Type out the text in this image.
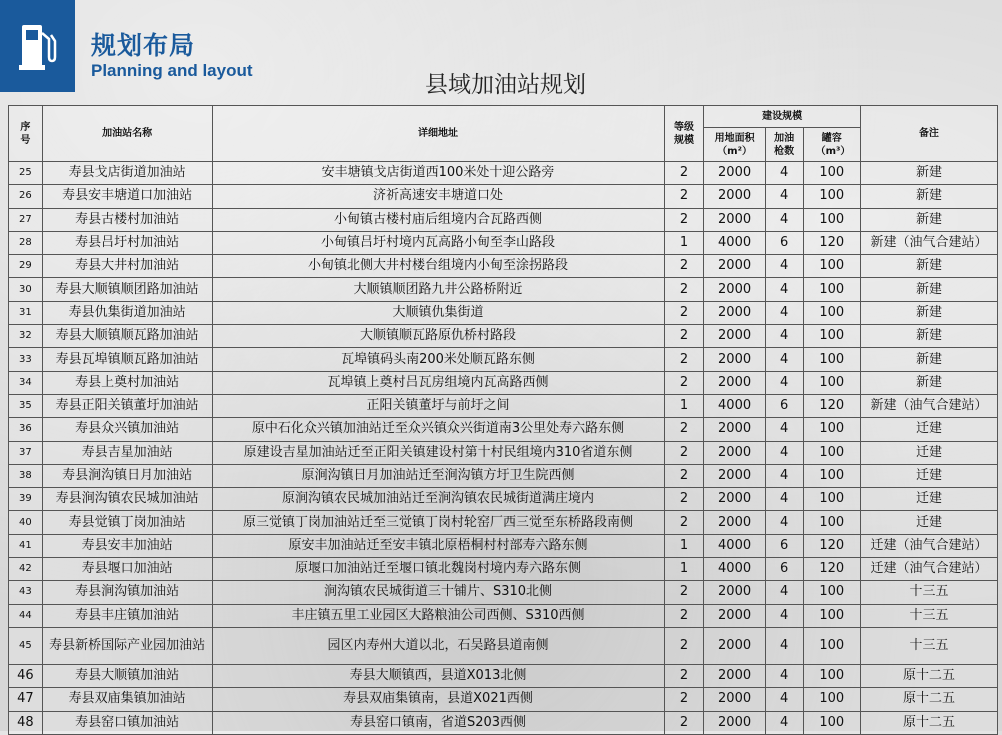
规划布局
Planning and layout
县域加油站规划
序号	加油站名称	详细地址	等级规模	建设规模			备注
				用地面积（m²）	加油枪数	罐容（m³）	
25	寿县戈店街道加油站	安丰塘镇戈店街道西100米处十迎公路旁	2	2000	4	100	新建
26	寿县安丰塘道口加油站	济祈高速安丰塘道口处	2	2000	4	100	新建
27	寿县古楼村加油站	小甸镇古楼村庙后组境内合瓦路西侧	2	2000	4	100	新建
28	寿县吕圩村加油站	小甸镇吕圩村境内瓦高路小甸至李山路段	1	4000	6	120	新建（油气合建站）
29	寿县大井村加油站	小甸镇北侧大井村楼台组境内小甸至涂拐路段	2	2000	4	100	新建
30	寿县大顺镇顺团路加油站	大顺镇顺团路九井公路桥附近	2	2000	4	100	新建
31	寿县仇集街道加油站	大顺镇仇集街道	2	2000	4	100	新建
32	寿县大顺镇顺瓦路加油站	大顺镇顺瓦路原仇桥村路段	2	2000	4	100	新建
33	寿县瓦埠镇顺瓦路加油站	瓦埠镇码头南200米处顺瓦路东侧	2	2000	4	100	新建
34	寿县上奠村加油站	瓦埠镇上奠村吕瓦房组境内瓦高路西侧	2	2000	4	100	新建
35	寿县正阳关镇董圩加油站	正阳关镇董圩与前圩之间	1	4000	6	120	新建（油气合建站）
36	寿县众兴镇加油站	原中石化众兴镇加油站迁至众兴镇众兴街道南3公里处寿六路东侧	2	2000	4	100	迁建
37	寿县吉星加油站	原建设吉星加油站迁至正阳关镇建设村第十村民组境内310省道东侧	2	2000	4	100	迁建
38	寿县涧沟镇日月加油站	原涧沟镇日月加油站迁至涧沟镇方圩卫生院西侧	2	2000	4	100	迁建
39	寿县涧沟镇农民城加油站	原涧沟镇农民城加油站迁至涧沟镇农民城街道满庄境内	2	2000	4	100	迁建
40	寿县觉镇丁岗加油站	原三觉镇丁岗加油站迁至三觉镇丁岗村轮窑厂西三觉至东桥路段南侧	2	2000	4	100	迁建
41	寿县安丰加油站	原安丰加油站迁至安丰镇北原梧桐村村部寿六路东侧	1	4000	6	120	迁建（油气合建站）
42	寿县堰口加油站	原堰口加油站迁至堰口镇北魏岗村境内寿六路东侧	1	4000	6	120	迁建（油气合建站）
43	寿县涧沟镇加油站	涧沟镇农民城街道三十铺片、S310北侧	2	2000	4	100	十三五
44	寿县丰庄镇加油站	丰庄镇五里工业园区大路粮油公司西侧、S310西侧	2	2000	4	100	十三五
45	寿县新桥国际产业园加油站	园区内寿州大道以北，石吴路县道南侧	2	2000	4	100	十三五
46	寿县大顺镇加油站	寿县大顺镇西，县道X013北侧	2	2000	4	100	原十二五
47	寿县双庙集镇加油站	寿县双庙集镇南，县道X021西侧	2	2000	4	100	原十二五
48	寿县窑口镇加油站	寿县窑口镇南，省道S203西侧	2	2000	4	100	原十二五
